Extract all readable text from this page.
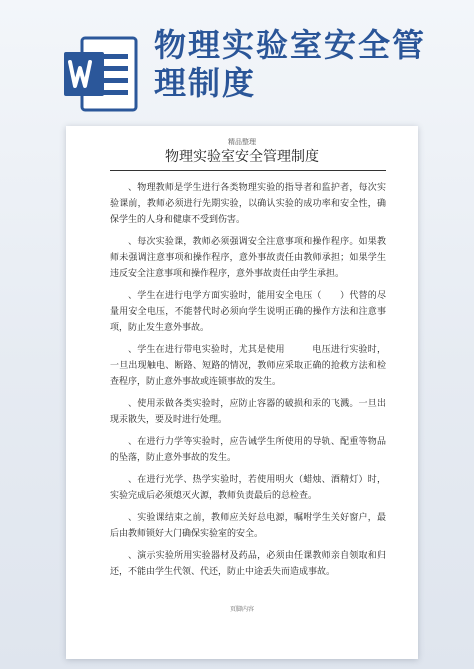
物理实验室安全管理制度
精品整理
物理实验室安全管理制度

、物理教师是学生进行各类物理实验的指导者和监护者，每次实验课前，教师必须进行先期实验，以确认实验的成功率和安全性，确保学生的人身和健康不受到伤害。

、每次实验课，教师必须强调安全注意事项和操作程序。如果教师未强调注意事项和操作程序，意外事故责任由教师承担；如果学生违反安全注意事项和操作程序，意外事故责任由学生承担。

、学生在进行电学方面实验时，能用安全电压（　　）代替的尽量用安全电压，不能替代时必须向学生说明正确的操作方法和注意事项，防止发生意外事故。

、学生在进行带电实验时，尤其是使用　　　电压进行实验时，一旦出现触电、断路、短路的情况，教师应采取正确的抢救方法和检查程序，防止意外事故或连锁事故的发生。

、使用汞做各类实验时，应防止容器的破损和汞的飞溅。一旦出现汞散失，要及时进行处理。

、在进行力学等实验时，应告诫学生所使用的导轨、配重等物品的坠落，防止意外事故的发生。

、在进行光学、热学实验时，若使用明火（蜡烛、酒精灯）时，实验完成后必须熄灭火源，教师负责最后的总检查。

、实验课结束之前，教师应关好总电源，嘱咐学生关好窗户，最后由教师锁好大门确保实验室的安全。

、演示实验所用实验器材及药品，必须由任课教师亲自领取和归还，不能由学生代领、代还，防止中途丢失而造成事故。

页脚内容
